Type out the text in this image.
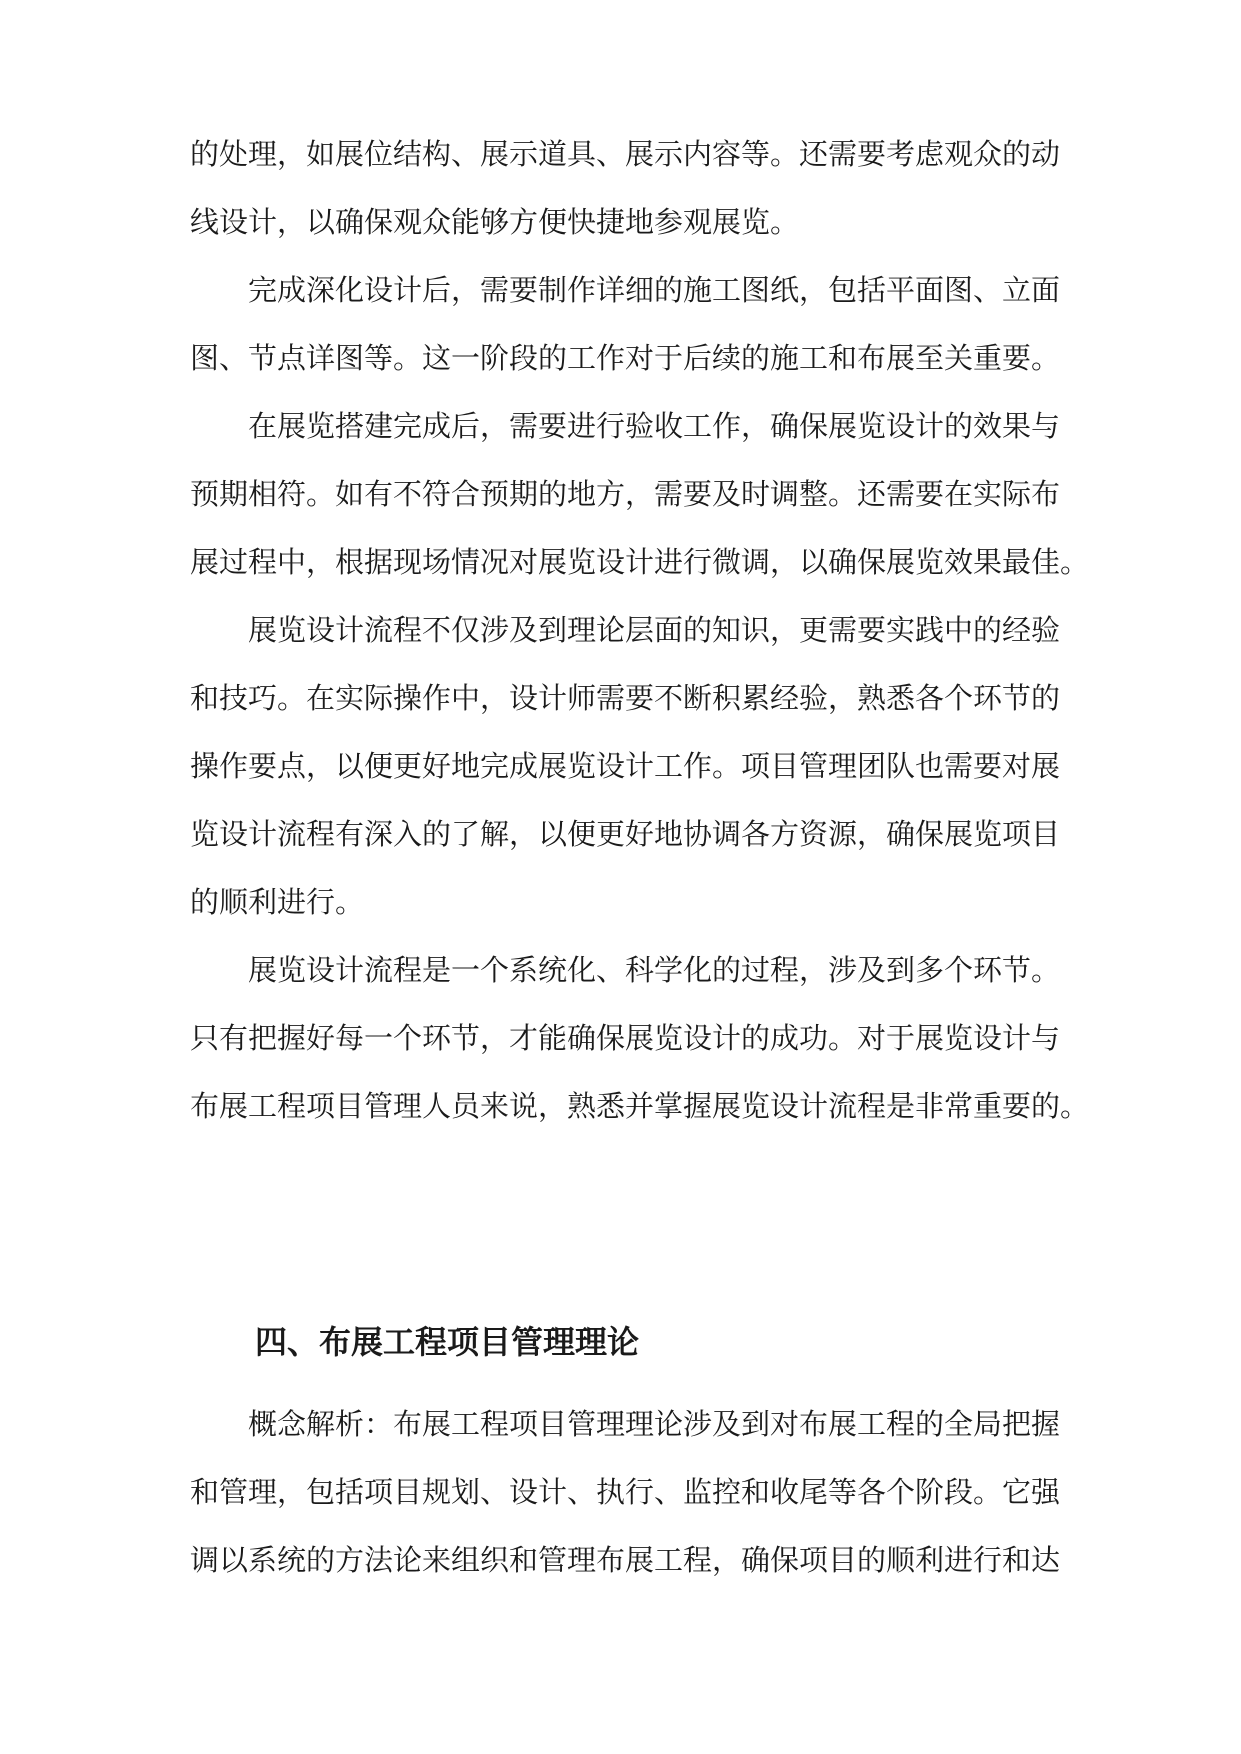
的处理，如展位结构、展示道具、展示内容等。还需要考虑观众的动
线设计，以确保观众能够方便快捷地参观展览。
完成深化设计后，需要制作详细的施工图纸，包括平面图、立面
图、节点详图等。这一阶段的工作对于后续的施工和布展至关重要。
在展览搭建完成后，需要进行验收工作，确保展览设计的效果与
预期相符。如有不符合预期的地方，需要及时调整。还需要在实际布
展过程中，根据现场情况对展览设计进行微调，以确保展览效果最佳。
展览设计流程不仅涉及到理论层面的知识，更需要实践中的经验
和技巧。在实际操作中，设计师需要不断积累经验，熟悉各个环节的
操作要点，以便更好地完成展览设计工作。项目管理团队也需要对展
览设计流程有深入的了解，以便更好地协调各方资源，确保展览项目
的顺利进行。
展览设计流程是一个系统化、科学化的过程，涉及到多个环节。
只有把握好每一个环节，才能确保展览设计的成功。对于展览设计与
布展工程项目管理人员来说，熟悉并掌握展览设计流程是非常重要的。
四、布展工程项目管理理论
概念解析：布展工程项目管理理论涉及到对布展工程的全局把握
和管理，包括项目规划、设计、执行、监控和收尾等各个阶段。它强
调以系统的方法论来组织和管理布展工程，确保项目的顺利进行和达
